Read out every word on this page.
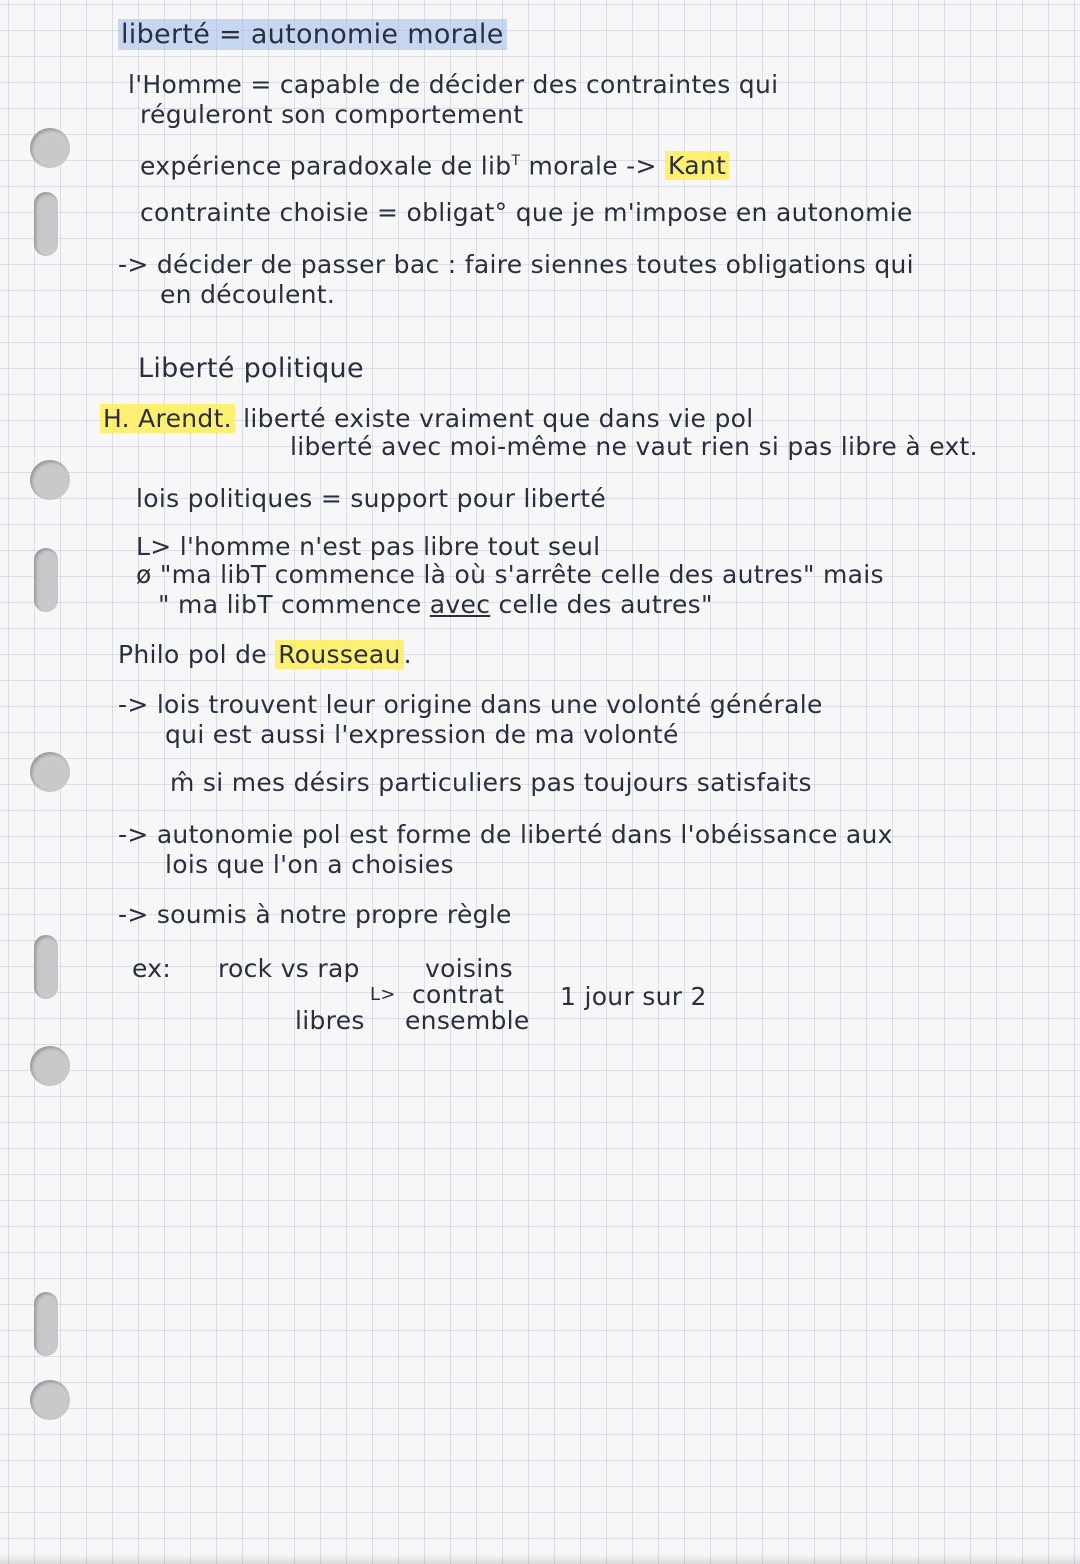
liberté = autonomie morale
l'Homme = capable de décider des contraintes qui
réguleront son comportement
expérience paradoxale de lib$^T$ morale -> Kant
contrainte choisie = obligat° que je m'impose en autonomie
-> décider de passer bac : faire siennes toutes obligations qui
en découlent.
Liberté politique
H. Arendt. liberté existe vraiment que dans vie pol
liberté avec moi-même ne vaut rien si pas libre à ext.
lois politiques = support pour liberté
L> l'homme n'est pas libre tout seul
ø "ma libT commence là où s'arrête celle des autres" mais
" ma libT commence avec celle des autres"
Philo pol de Rousseau .
-> lois trouvent leur origine dans une volonté générale
qui est aussi l'expression de ma volonté
m̂ si mes désirs particuliers pas toujours satisfaits
-> autonomie pol est forme de liberté dans l'obéissance aux
lois que l'on a choisies
-> soumis à notre propre règle
ex: rock vs rap	voisins
L> contrat 1 jour sur 2
libres ensemble
